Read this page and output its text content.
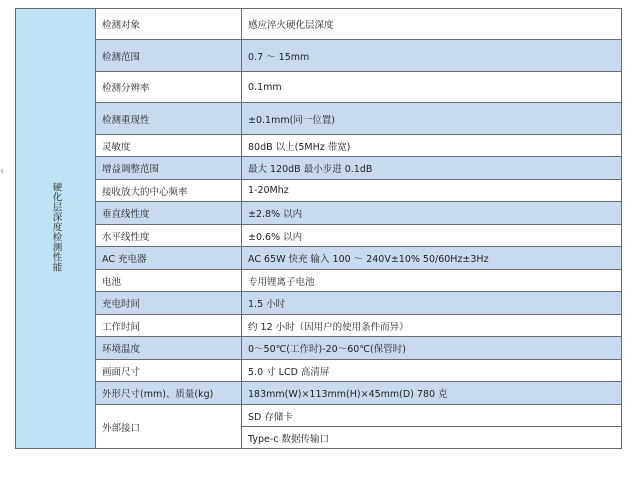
‹
硬化层深度检测性能	检测对象	感应淬火硬化层深度
	检测范围	0.7 ～ 15mm
	检测分辨率	0.1mm
	检测重现性	±0.1mm(同一位置)
	灵敏度	80dB 以上(5MHz 带宽)
	增益调整范围	最大 120dB 最小步进 0.1dB
	接收放大的中心频率	1-20Mhz
	垂直线性度	±2.8% 以内
	水平线性度	±0.6% 以内
	AC 充电器	AC 65W 快充 输入 100 ～ 240V±10% 50/60Hz±3Hz
	电池	专用锂离子电池
	充电时间	1.5 小时
	工作时间	约 12 小时（因用户的使用条件而异）
	环境温度	0～50℃(工作时)-20～60℃(保管时)
	画面尺寸	5.0 寸 LCD 高清屏
	外形尺寸(mm)、质量(kg)	183mm(W)×113mm(H)×45mm(D) 780 克
	外部接口	SD 存储卡
		Type-c 数据传输口
